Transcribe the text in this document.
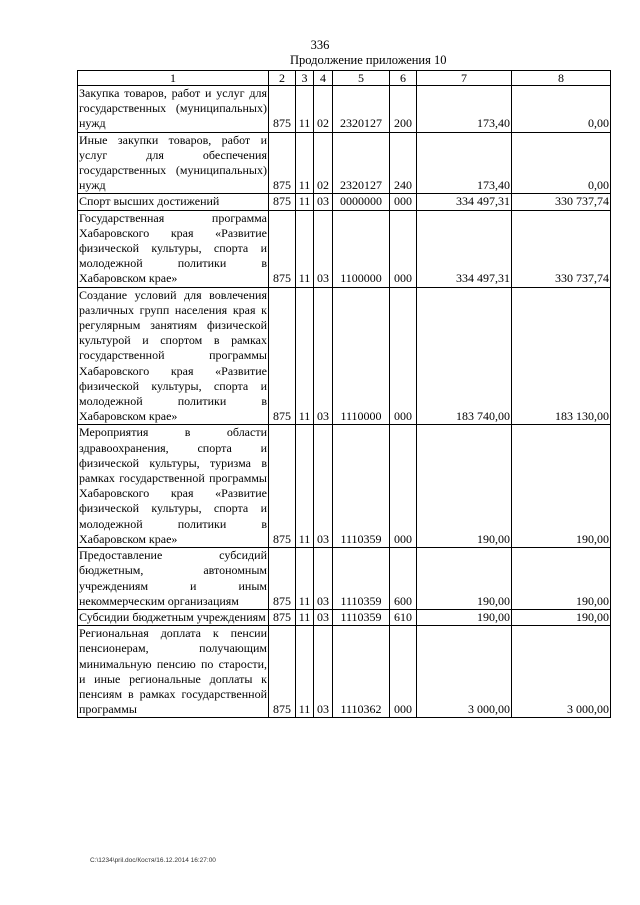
336
Продолжение приложения 10
1	2	3	4	5	6	7	8
Закупка товаров, работ и услуг для государственных (муниципальных) нужд	875	11	02	2320127	200	173,40	0,00
Иные закупки товаров, работ и услуг для обеспечения государственных (муниципальных) нужд	875	11	02	2320127	240	173,40	0,00
Спорт высших достижений	875	11	03	0000000	000	334 497,31	330 737,74
Государственная программа Хабаровского края «Развитие физической культуры, спорта и молодежной политики в Хабаровском крае»	875	11	03	1100000	000	334 497,31	330 737,74
Создание условий для вовлечения различных групп населения края к регулярным занятиям физической культурой и спортом в рамках государственной программы Хабаровского края «Развитие физической культуры, спорта и молодежной политики в Хабаровском крае»	875	11	03	1110000	000	183 740,00	183 130,00
Мероприятия в области здравоохранения, спорта и физической культуры, туризма в рамках государственной программы Хабаровского края «Развитие физической культуры, спорта и молодежной политики в Хабаровском крае»	875	11	03	1110359	000	190,00	190,00
Предоставление субсидий бюджетным, автономным учреждениям и иным некоммерческим организациям	875	11	03	1110359	600	190,00	190,00
Субсидии бюджетным учреждениям	875	11	03	1110359	610	190,00	190,00
Региональная доплата к пенсии пенсионерам, получающим минимальную пенсию по старости, и иные региональные доплаты к пенсиям в рамках государственной программы	875	11	03	1110362	000	3 000,00	3 000,00
C:\1234\pril.doc/Костя/16.12.2014 16:27:00
